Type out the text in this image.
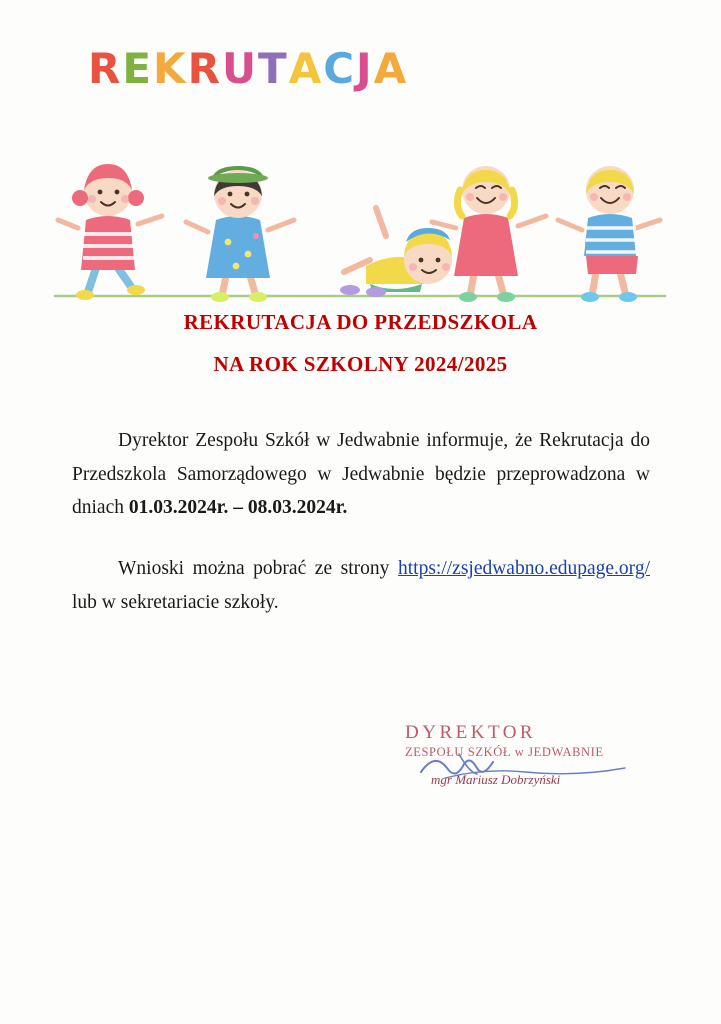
REKRUTACJA
REKRUTACJA DO PRZEDSZKOLA
NA ROK SZKOLNY 2024/2025
Dyrektor Zespołu Szkół w Jedwabnie informuje, że Rekrutacja do Przedszkola Samorządowego w Jedwabnie będzie przeprowadzona w dniach 01.03.2024r. – 08.03.2024r.
Wnioski można pobrać ze strony https://zsjedwabno.edupage.org/ lub w sekretariacie szkoły.
DYREKTOR
ZESPOŁU SZKÓŁ w JEDWABNIE
mgr Mariusz Dobrzyński
